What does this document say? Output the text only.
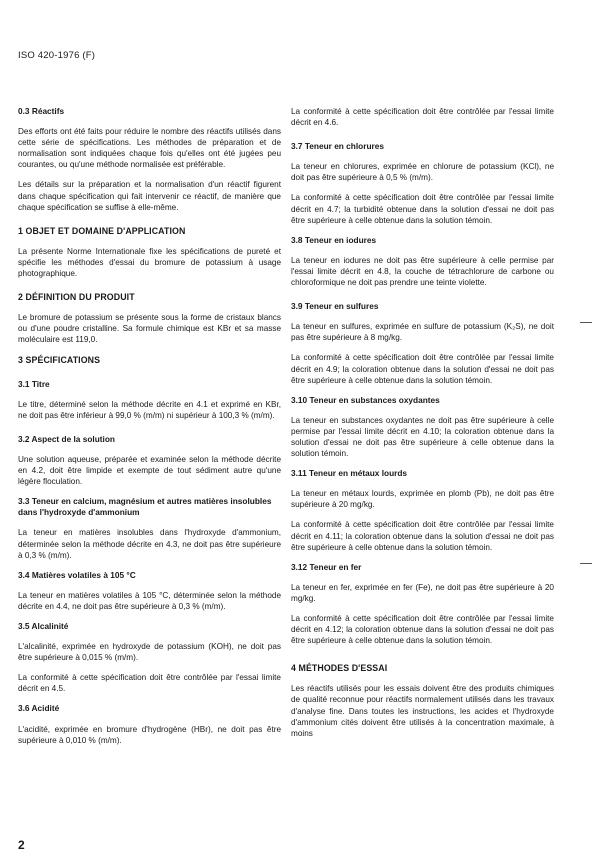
ISO 420-1976 (F)
0.3 Réactifs

Des efforts ont été faits pour réduire le nombre des réactifs utilisés dans cette série de spécifications. Les méthodes de préparation et de normalisation sont indiquées chaque fois qu'elles ont été jugées peu courantes, ou qu'une méthode normalisée est préférable.

Les détails sur la préparation et la normalisation d'un réactif figurent dans chaque spécification qui fait intervenir ce réactif, de manière que chaque spécification se suffise à elle-même.

1 OBJET ET DOMAINE D'APPLICATION

La présente Norme Internationale fixe les spécifications de pureté et spécifie les méthodes d'essai du bromure de potassium à usage photographique.

2 DÉFINITION DU PRODUIT

Le bromure de potassium se présente sous la forme de cristaux blancs ou d'une poudre cristalline. Sa formule chimique est KBr et sa masse moléculaire est 119,0.

3 SPÉCIFICATIONS
3.1 Titre

Le titre, déterminé selon la méthode décrite en 4.1 et exprimé en KBr, ne doit pas être inférieur à 99,0 % (m/m) ni supérieur à 100,3 % (m/m).

3.2 Aspect de la solution

Une solution aqueuse, préparée et examinée selon la méthode décrite en 4.2, doit être limpide et exempte de tout sédiment autre qu'une légère floculation.

3.3 Teneur en calcium, magnésium et autres matières insolubles dans l'hydroxyde d'ammonium

La teneur en matières insolubles dans l'hydroxyde d'ammonium, déterminée selon la méthode décrite en 4.3, ne doit pas être supérieure à 0,3 % (m/m).

3.4 Matières volatiles à 105 °C

La teneur en matières volatiles à 105 °C, déterminée selon la méthode décrite en 4.4, ne doit pas être supérieure à 0,3 % (m/m).

3.5 Alcalinité

L'alcalinité, exprimée en hydroxyde de potassium (KOH), ne doit pas être supérieure à 0,015 % (m/m).

La conformité à cette spécification doit être contrôlée par l'essai limite décrit en 4.5.

3.6 Acidité

L'acidité, exprimée en bromure d'hydrogène (HBr), ne doit pas être supérieure à 0,010 % (m/m).

La conformité à cette spécification doit être contrôlée par l'essai limite décrit en 4.6.

3.7 Teneur en chlorures

La teneur en chlorures, exprimée en chlorure de potassium (KCl), ne doit pas être supérieure à 0,5 % (m/m).

La conformité à cette spécification doit être contrôlée par l'essai limite décrit en 4.7; la turbidité obtenue dans la solution d'essai ne doit pas être supérieure à celle obtenue dans la solution témoin.

3.8 Teneur en iodures

La teneur en iodures ne doit pas être supérieure à celle permise par l'essai limite décrit en 4.8, la couche de tétrachlorure de carbone ou chloroformique ne doit pas prendre une teinte violette.

3.9 Teneur en sulfures

La teneur en sulfures, exprimée en sulfure de potassium (K₂S), ne doit pas être supérieure à 8 mg/kg.

La conformité à cette spécification doit être contrôlée par l'essai limite décrit en 4.9; la coloration obtenue dans la solution d'essai ne doit pas être supérieure à celle obtenue dans la solution témoin.

3.10 Teneur en substances oxydantes

La teneur en substances oxydantes ne doit pas être supérieure à celle permise par l'essai limite décrit en 4.10; la coloration obtenue dans la solution d'essai ne doit pas être supérieure à celle obtenue dans la solution témoin.

3.11 Teneur en métaux lourds

La teneur en métaux lourds, exprimée en plomb (Pb), ne doit pas être supérieure à 20 mg/kg.

La conformité à cette spécification doit être contrôlée par l'essai limite décrit en 4.11; la coloration obtenue dans la solution d'essai ne doit pas être supérieure à celle obtenue dans la solution témoin.

3.12 Teneur en fer

La teneur en fer, exprimée en fer (Fe), ne doit pas être supérieure à 20 mg/kg.

La conformité à cette spécification doit être contrôlée par l'essai limite décrit en 4.12; la coloration obtenue dans la solution d'essai ne doit pas être supérieure à celle obtenue dans la solution témoin.

4 MÉTHODES D'ESSAI

Les réactifs utilisés pour les essais doivent être des produits chimiques de qualité reconnue pour réactifs normalement utilisés dans les travaux d'analyse fine. Dans toutes les instructions, les acides et l'hydroxyde d'ammonium cités doivent être utilisés à la concentration maximale, à moins

2
